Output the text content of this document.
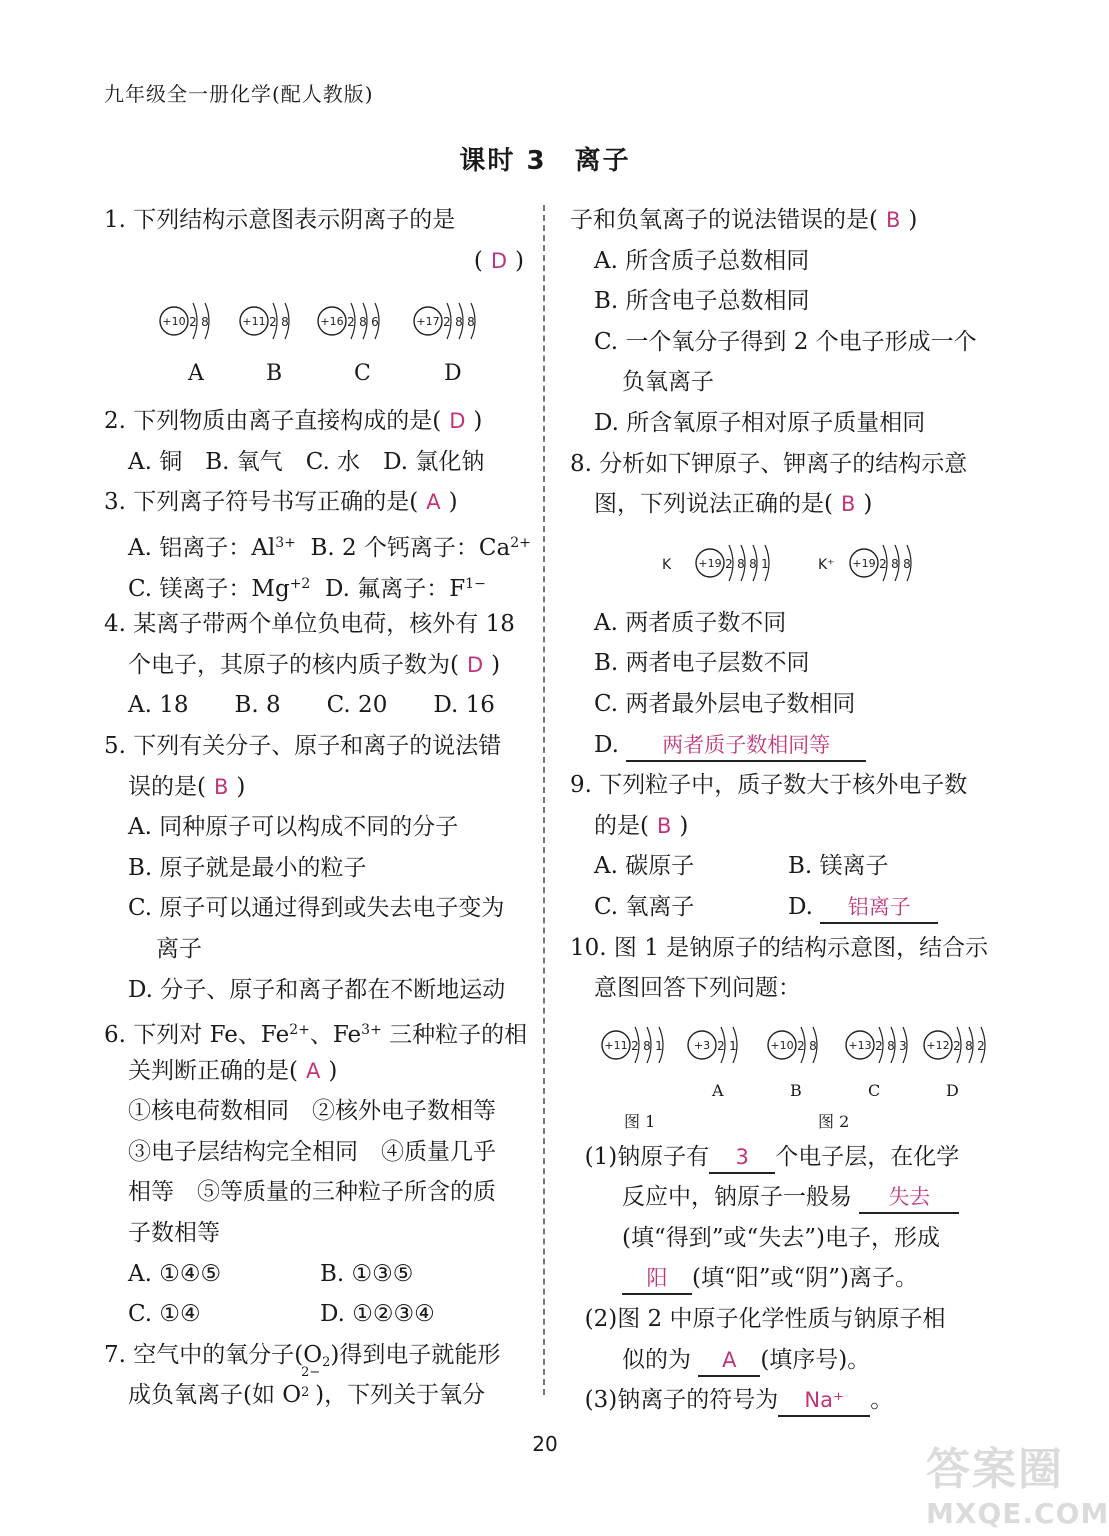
九年级全一册化学(配人教版)
课时 3　离子
1. 下列结构示意图表示阴离子的是
( D )
+10 2 8	+11 2 8	+16 2 8 6	+17 2 8 8
A	B	C	D
2. 下列物质由离子直接构成的是( D )
A. 铜　B. 氧气　C. 水　D. 氯化钠
3. 下列离子符号书写正确的是( A )
A. 铝离子：$Al^{3+}$ B. 2 个钙离子：$Ca^{2+}$
C. 镁离子：$Mg^{+2}$ D. 氟离子：$F^{1-}$
4. 某离子带两个单位负电荷，核外有 18
个电子，其原子的核内质子数为( D )
A. 18　　B. 8　　C. 20　　D. 16
5. 下列有关分子、原子和离子的说法错
误的是( B )
A. 同种原子可以构成不同的分子
B. 原子就是最小的粒子
C. 原子可以通过得到或失去电子变为
离子
D. 分子、原子和离子都在不断地运动
6. 下列对 Fe、$Fe^{2+}$、$Fe^{3+}$ 三种粒子的相
关判断正确的是( A )
①核电荷数相同　②核外电子数相等
③电子层结构完全相同　④质量几乎
相等　⑤等质量的三种粒子所含的质
子数相等
A. ①④⑤	B. ①③⑤
C. ①④	D. ①②③④
7. 空气中的氧分子$(O_2)$得到电子就能形
成负氧离子(如 O
2−
2 )，下列关于氧分
子和负氧离子的说法错误的是( B )
A. 所含质子总数相同
B. 所含电子总数相同
C. 一个氧分子得到 2 个电子形成一个
负氧离子
D. 所含氧原子相对原子质量相同
8. 分析如下钾原子、钾离子的结构示意
图，下列说法正确的是( B )
K +19 2 8 8 1	K⁺ +19 2 8 8
A. 两者质子数不同
B. 两者电子层数不同
C. 两者最外层电子数相同
D. 两者质子数相同等
9. 下列粒子中，质子数大于核外电子数
的是( B )
A. 碳原子	B. 镁离子
C. 氧离子	D. 铝离子
10. 图 1 是钠原子的结构示意图，结合示
意图回答下列问题：
+11 2 8 1	+3 2 1	+10 2 8	+13 2 8 3 +12 2 8 2
A	B	C	D
图 1	图 2
(1)钠原子有 3 个电子层，在化学
反应中，钠原子一般易 失去
(填“得到”或“失去”)电子，形成
阳 (填“阳”或“阴”)离子。
(2)图 2 中原子化学性质与钠原子相
似的为 A (填序号)。
(3)钠离子的符号为 Na⁺ 。
20	答案圈
MXQE.COM
